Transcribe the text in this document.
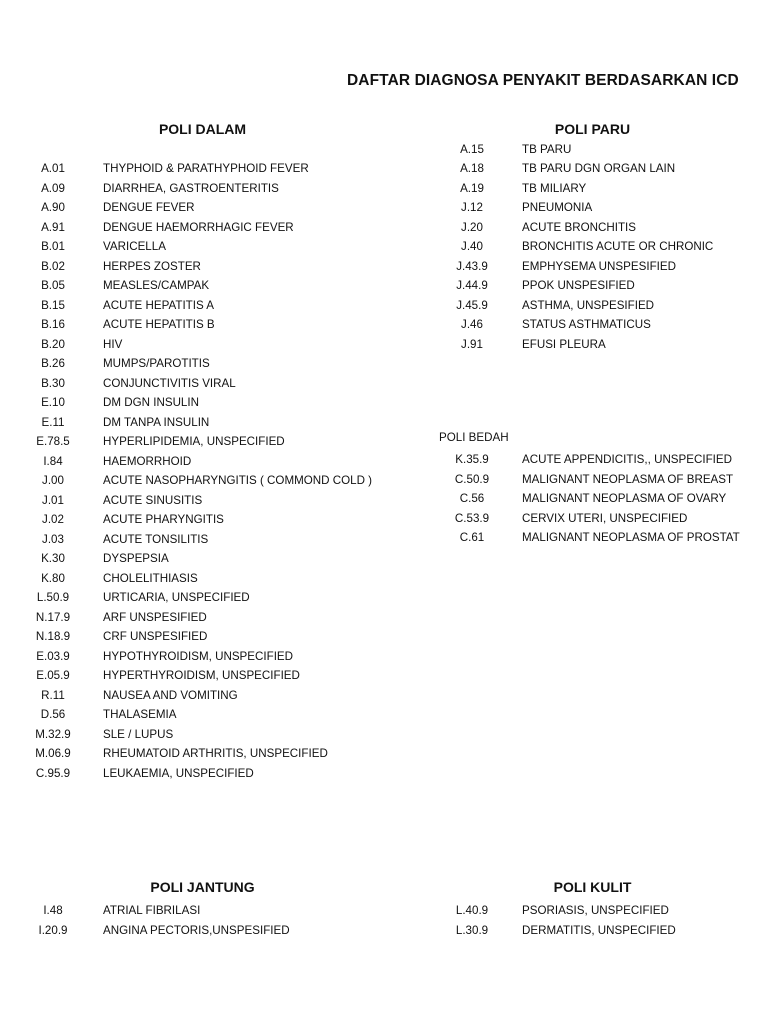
DAFTAR DIAGNOSA PENYAKIT BERDASARKAN ICD
POLI DALAM
A.01	THYPHOID & PARATHYPHOID FEVER
A.09	DIARRHEA, GASTROENTERITIS
A.90	DENGUE FEVER
A.91	DENGUE HAEMORRHAGIC FEVER
B.01	VARICELLA
B.02	HERPES ZOSTER
B.05	MEASLES/CAMPAK
B.15	ACUTE HEPATITIS A
B.16	ACUTE HEPATITIS B
B.20	HIV
B.26	MUMPS/PAROTITIS
B.30	CONJUNCTIVITIS VIRAL
E.10	DM DGN INSULIN
E.11	DM TANPA INSULIN
E.78.5	HYPERLIPIDEMIA, UNSPECIFIED
I.84	HAEMORRHOID
J.00	ACUTE NASOPHARYNGITIS ( COMMOND COLD )
J.01	ACUTE SINUSITIS
J.02	ACUTE PHARYNGITIS
J.03	ACUTE TONSILITIS
K.30	DYSPEPSIA
K.80	CHOLELITHIASIS
L.50.9	URTICARIA, UNSPECIFIED
N.17.9	ARF UNSPESIFIED
N.18.9	CRF UNSPESIFIED
E.03.9	HYPOTHYROIDISM, UNSPECIFIED
E.05.9	HYPERTHYROIDISM, UNSPECIFIED
R.11	NAUSEA AND VOMITING
D.56	THALASEMIA
M.32.9	SLE / LUPUS
M.06.9	RHEUMATOID ARTHRITIS, UNSPECIFIED
C.95.9	LEUKAEMIA, UNSPECIFIED
POLI PARU
A.15	TB PARU
A.18	TB PARU DGN ORGAN LAIN
A.19	TB MILIARY
J.12	PNEUMONIA
J.20	ACUTE BRONCHITIS
J.40	BRONCHITIS ACUTE OR CHRONIC
J.43.9	EMPHYSEMA UNSPESIFIED
J.44.9	PPOK UNSPESIFIED
J.45.9	ASTHMA, UNSPESIFIED
J.46	STATUS ASTHMATICUS
J.91	EFUSI PLEURA
POLI BEDAH
K.35.9	ACUTE APPENDICITIS,, UNSPECIFIED
C.50.9	MALIGNANT NEOPLASMA OF BREAST
C.56	MALIGNANT NEOPLASMA OF OVARY
C.53.9	CERVIX UTERI, UNSPECIFIED
C.61	MALIGNANT NEOPLASMA OF PROSTAT
POLI JANTUNG
I.48	ATRIAL FIBRILASI
I.20.9	ANGINA PECTORIS,UNSPESIFIED
POLI KULIT
L.40.9	PSORIASIS, UNSPECIFIED
L.30.9	DERMATITIS, UNSPECIFIED
